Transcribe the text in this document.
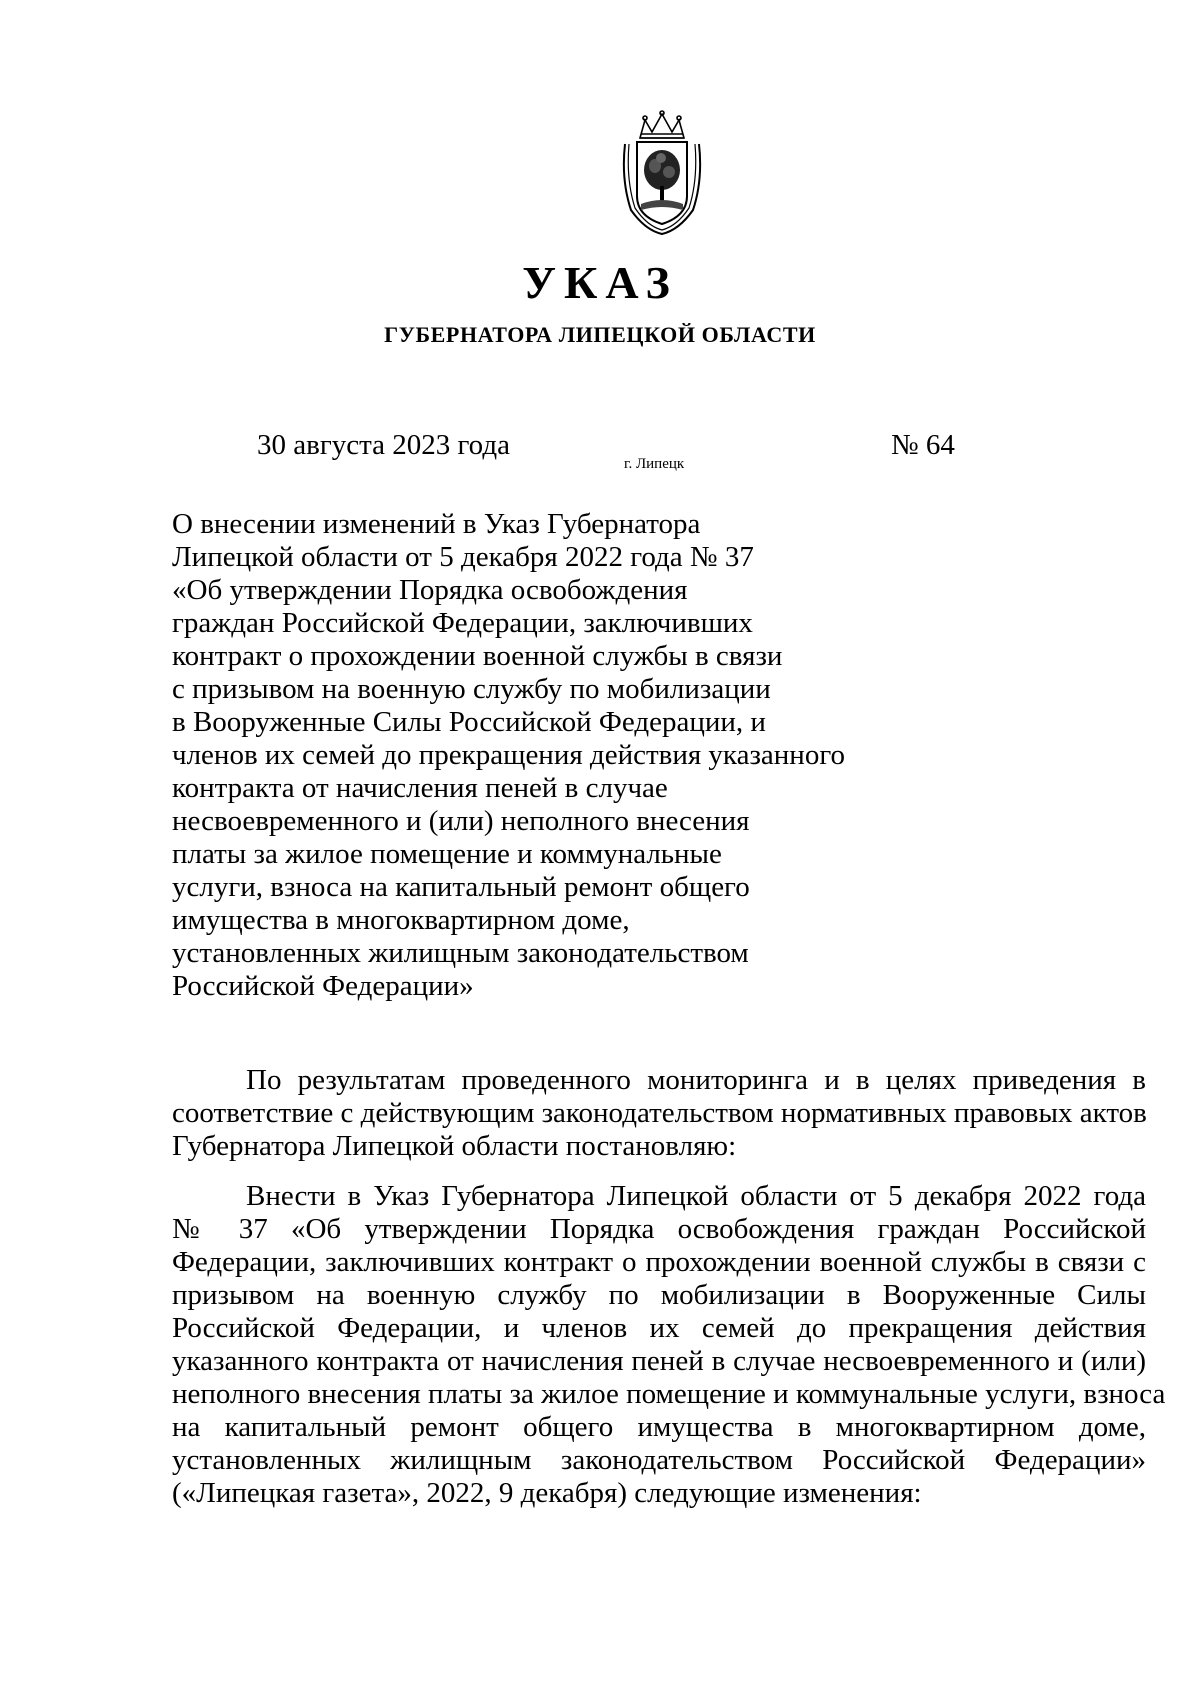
УКАЗ
ГУБЕРНАТОРА ЛИПЕЦКОЙ ОБЛАСТИ
30 августа 2023 года
г. Липецк
№ 64
О внесении изменений в Указ Губернатора
Липецкой области от 5 декабря 2022 года № 37
«Об утверждении Порядка освобождения
граждан Российской Федерации, заключивших
контракт о прохождении военной службы в связи
с призывом на военную службу по мобилизации
в Вооруженные Силы Российской Федерации, и
членов их семей до прекращения действия указанного
контракта от начисления пеней в случае
несвоевременного и (или) неполного внесения
платы за жилое помещение и коммунальные
услуги, взноса на капитальный ремонт общего
имущества в многоквартирном доме,
установленных жилищным законодательством
Российской Федерации»
По результатам проведенного мониторинга и в целях приведения в
соответствие с действующим законодательством нормативных правовых актов
Губернатора Липецкой области постановляю:
Внести в Указ Губернатора Липецкой области от 5 декабря 2022 года
№ 37 «Об утверждении Порядка освобождения граждан Российской
Федерации, заключивших контракт о прохождении военной службы в связи с
призывом на военную службу по мобилизации в Вооруженные Силы
Российской Федерации, и членов их семей до прекращения действия
указанного контракта от начисления пеней в случае несвоевременного и (или)
неполного внесения платы за жилое помещение и коммунальные услуги, взноса
на капитальный ремонт общего имущества в многоквартирном доме,
установленных жилищным законодательством Российской Федерации»
(«Липецкая газета», 2022, 9 декабря) следующие изменения:
